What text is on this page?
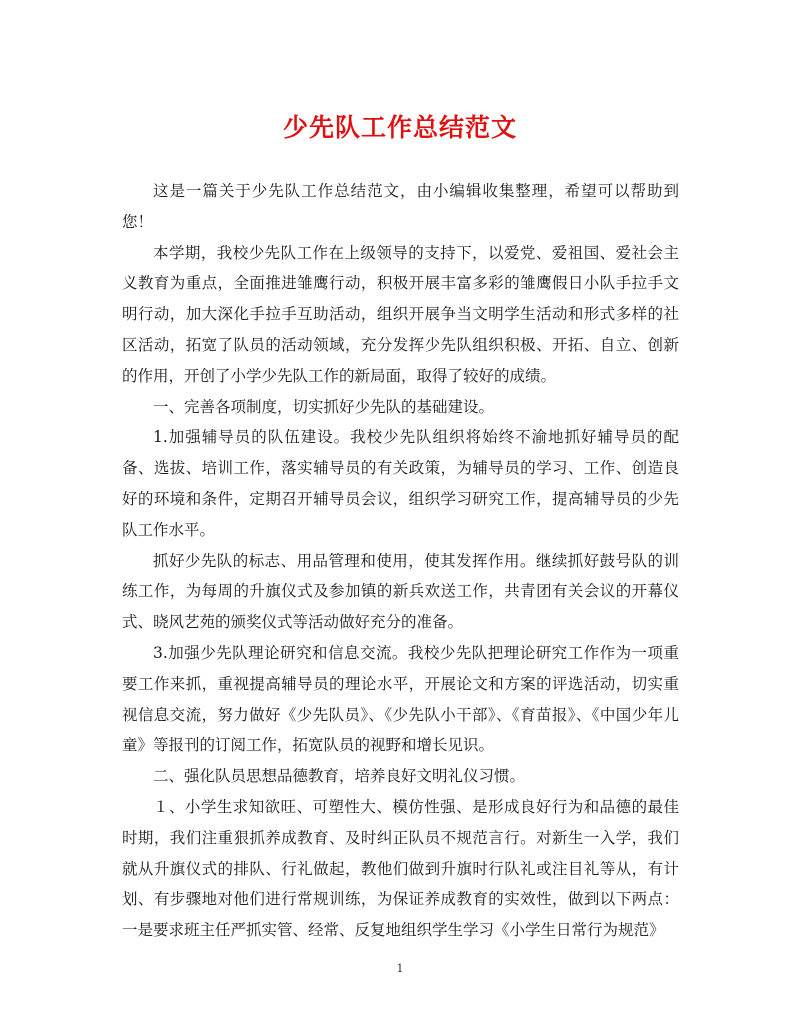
少先队工作总结范文

这是一篇关于少先队工作总结范文，由小编辑收集整理，希望可以帮助到您！

本学期，我校少先队工作在上级领导的支持下，以爱党、爱祖国、爱社会主义教育为重点，全面推进雏鹰行动，积极开展丰富多彩的雏鹰假日小队手拉手文明行动，加大深化手拉手互助活动，组织开展争当文明学生活动和形式多样的社区活动，拓宽了队员的活动领域，充分发挥少先队组织积极、开拓、自立、创新的作用，开创了小学少先队工作的新局面，取得了较好的成绩。

一、完善各项制度，切实抓好少先队的基础建设。

1.加强辅导员的队伍建设。我校少先队组织将始终不渝地抓好辅导员的配备、选拔、培训工作，落实辅导员的有关政策，为辅导员的学习、工作、创造良好的环境和条件，定期召开辅导员会议，组织学习研究工作，提高辅导员的少先队工作水平。

抓好少先队的标志、用品管理和使用，使其发挥作用。继续抓好鼓号队的训练工作，为每周的升旗仪式及参加镇的新兵欢送工作，共青团有关会议的开幕仪式、晓风艺苑的颁奖仪式等活动做好充分的准备。

3.加强少先队理论研究和信息交流。我校少先队把理论研究工作作为一项重要工作来抓，重视提高辅导员的理论水平，开展论文和方案的评选活动，切实重视信息交流，努力做好《少先队员》、《少先队小干部》、《育苗报》、《中国少年儿童》等报刊的订阅工作，拓宽队员的视野和增长见识。

二、强化队员思想品德教育，培养良好文明礼仪习惯。

１、小学生求知欲旺、可塑性大、模仿性强、是形成良好行为和品德的最佳时期，我们注重狠抓养成教育、及时纠正队员不规范言行。对新生一入学，我们就从升旗仪式的排队、行礼做起，教他们做到升旗时行队礼或注目礼等从，有计划、有步骤地对他们进行常规训练，为保证养成教育的实效性，做到以下两点：一是要求班主任严抓实管、经常、反复地组织学生学习《小学生日常行为规范》

1
